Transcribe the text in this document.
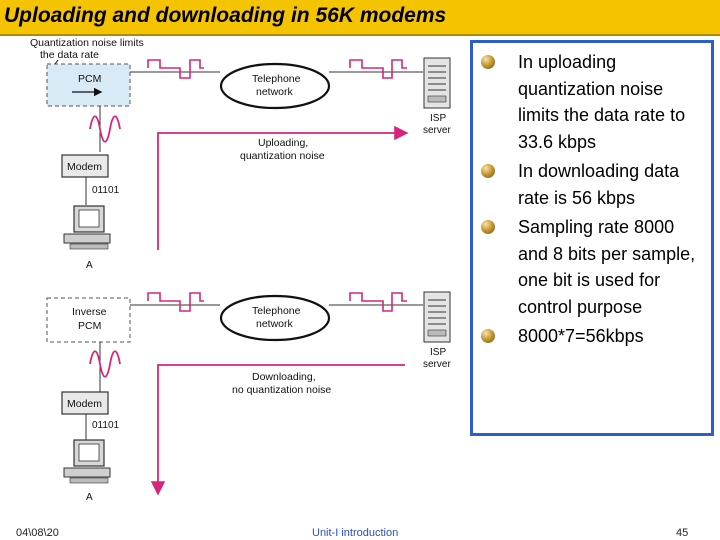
Uploading and downloading in 56K modems
Quantization noise limits
the data rate
PCM	Telephone
network
ISP
server
Uploading,
quantization noise
Modem
01101
A
Inverse
PCM
Telephone
network
ISP
server
Downloading,
no quantization noise
Modem
01101
A
In uploading quantization noise limits the data rate to 33.6 kbps
In downloading data rate is 56 kbps
Sampling rate 8000 and 8 bits per sample, one bit is used for control purpose
8000*7=56kbps
04\08\20	Unit-I introduction	45
